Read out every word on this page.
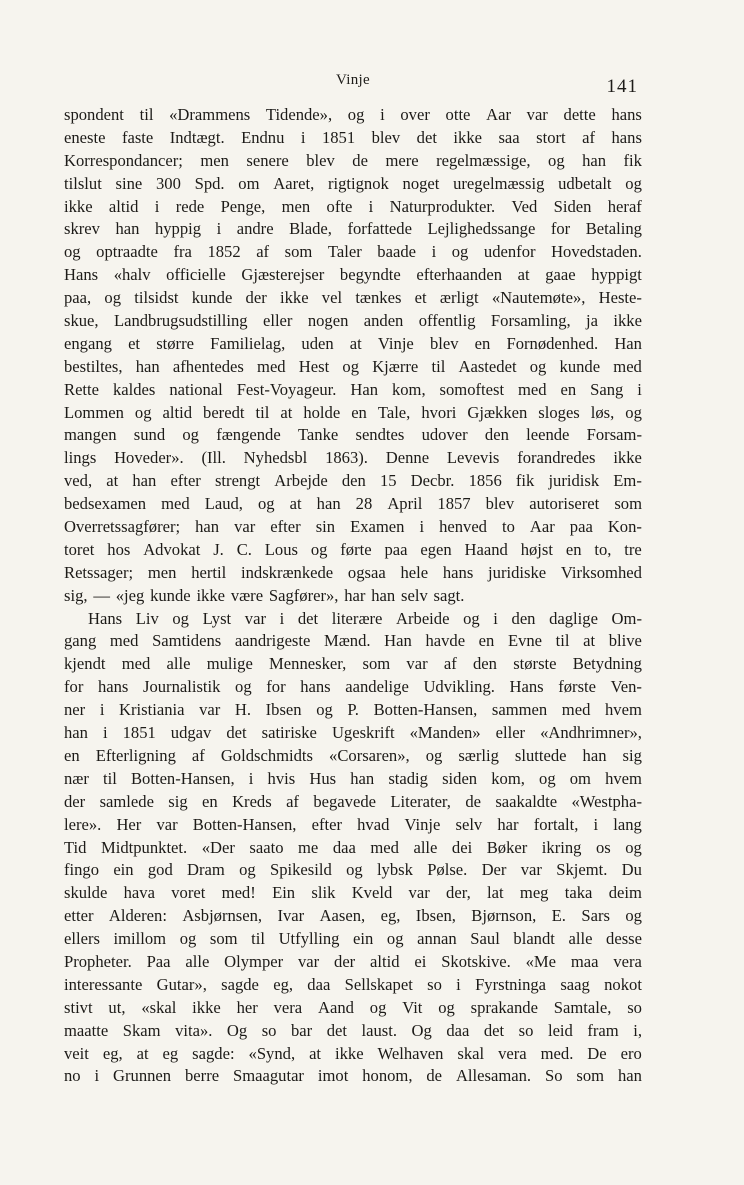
Vinje	141
spondent til «Drammens Tidende», og i over otte Aar var dette hans
eneste faste Indtægt. Endnu i 1851 blev det ikke saa stort af hans
Korrespondancer; men senere blev de mere regelmæssige, og han fik
tilslut sine 300 Spd. om Aaret, rigtignok noget uregelmæssig udbetalt og
ikke altid i rede Penge, men ofte i Naturprodukter. Ved Siden heraf
skrev han hyppig i andre Blade, forfattede Lejlighedssange for Betaling
og optraadte fra 1852 af som Taler baade i og udenfor Hovedstaden.
Hans «halv officielle Gjæsterejser begyndte efterhaanden at gaae hyppigt
paa, og tilsidst kunde der ikke vel tænkes et ærligt «Nautemøte», Heste-
skue, Landbrugsudstilling eller nogen anden offentlig Forsamling, ja ikke
engang et større Familielag, uden at Vinje blev en Fornødenhed. Han
bestiltes, han afhentedes med Hest og Kjærre til Aastedet og kunde med
Rette kaldes national Fest-Voyageur. Han kom, somoftest med en Sang i
Lommen og altid beredt til at holde en Tale, hvori Gjækken sloges løs, og
mangen sund og fængende Tanke sendtes udover den leende Forsam-
lings Hoveder». (Ill. Nyhedsbl 1863). Denne Levevis forandredes ikke
ved, at han efter strengt Arbejde den 15 Decbr. 1856 fik juridisk Em-
bedsexamen med Laud, og at han 28 April 1857 blev autoriseret som
Overretssagfører; han var efter sin Examen i henved to Aar paa Kon-
toret hos Advokat J. C. Lous og førte paa egen Haand højst en to, tre
Retssager; men hertil indskrænkede ogsaa hele hans juridiske Virksomhed
sig, — «jeg kunde ikke være Sagfører», har han selv sagt.
Hans Liv og Lyst var i det literære Arbeide og i den daglige Om-
gang med Samtidens aandrigeste Mænd. Han havde en Evne til at blive
kjendt med alle mulige Mennesker, som var af den største Betydning
for hans Journalistik og for hans aandelige Udvikling. Hans første Ven-
ner i Kristiania var H. Ibsen og P. Botten-Hansen, sammen med hvem
han i 1851 udgav det satiriske Ugeskrift «Manden» eller «Andhrimner»,
en Efterligning af Goldschmidts «Corsaren», og særlig sluttede han sig
nær til Botten-Hansen, i hvis Hus han stadig siden kom, og om hvem
der samlede sig en Kreds af begavede Literater, de saakaldte «Westpha-
lere». Her var Botten-Hansen, efter hvad Vinje selv har fortalt, i lang
Tid Midtpunktet. «Der saato me daa med alle dei Bøker ikring os og
fingo ein god Dram og Spikesild og lybsk Pølse. Der var Skjemt. Du
skulde hava voret med! Ein slik Kveld var der, lat meg taka deim
etter Alderen: Asbjørnsen, Ivar Aasen, eg, Ibsen, Bjørnson, E. Sars og
ellers imillom og som til Utfylling ein og annan Saul blandt alle desse
Propheter. Paa alle Olymper var der altid ei Skotskive. «Me maa vera
interessante Gutar», sagde eg, daa Sellskapet so i Fyrstninga saag nokot
stivt ut, «skal ikke her vera Aand og Vit og sprakande Samtale, so
maatte Skam vita». Og so bar det laust. Og daa det so leid fram i,
veit eg, at eg sagde: «Synd, at ikke Welhaven skal vera med. De ero
no i Grunnen berre Smaagutar imot honom, de Allesaman. So som han
